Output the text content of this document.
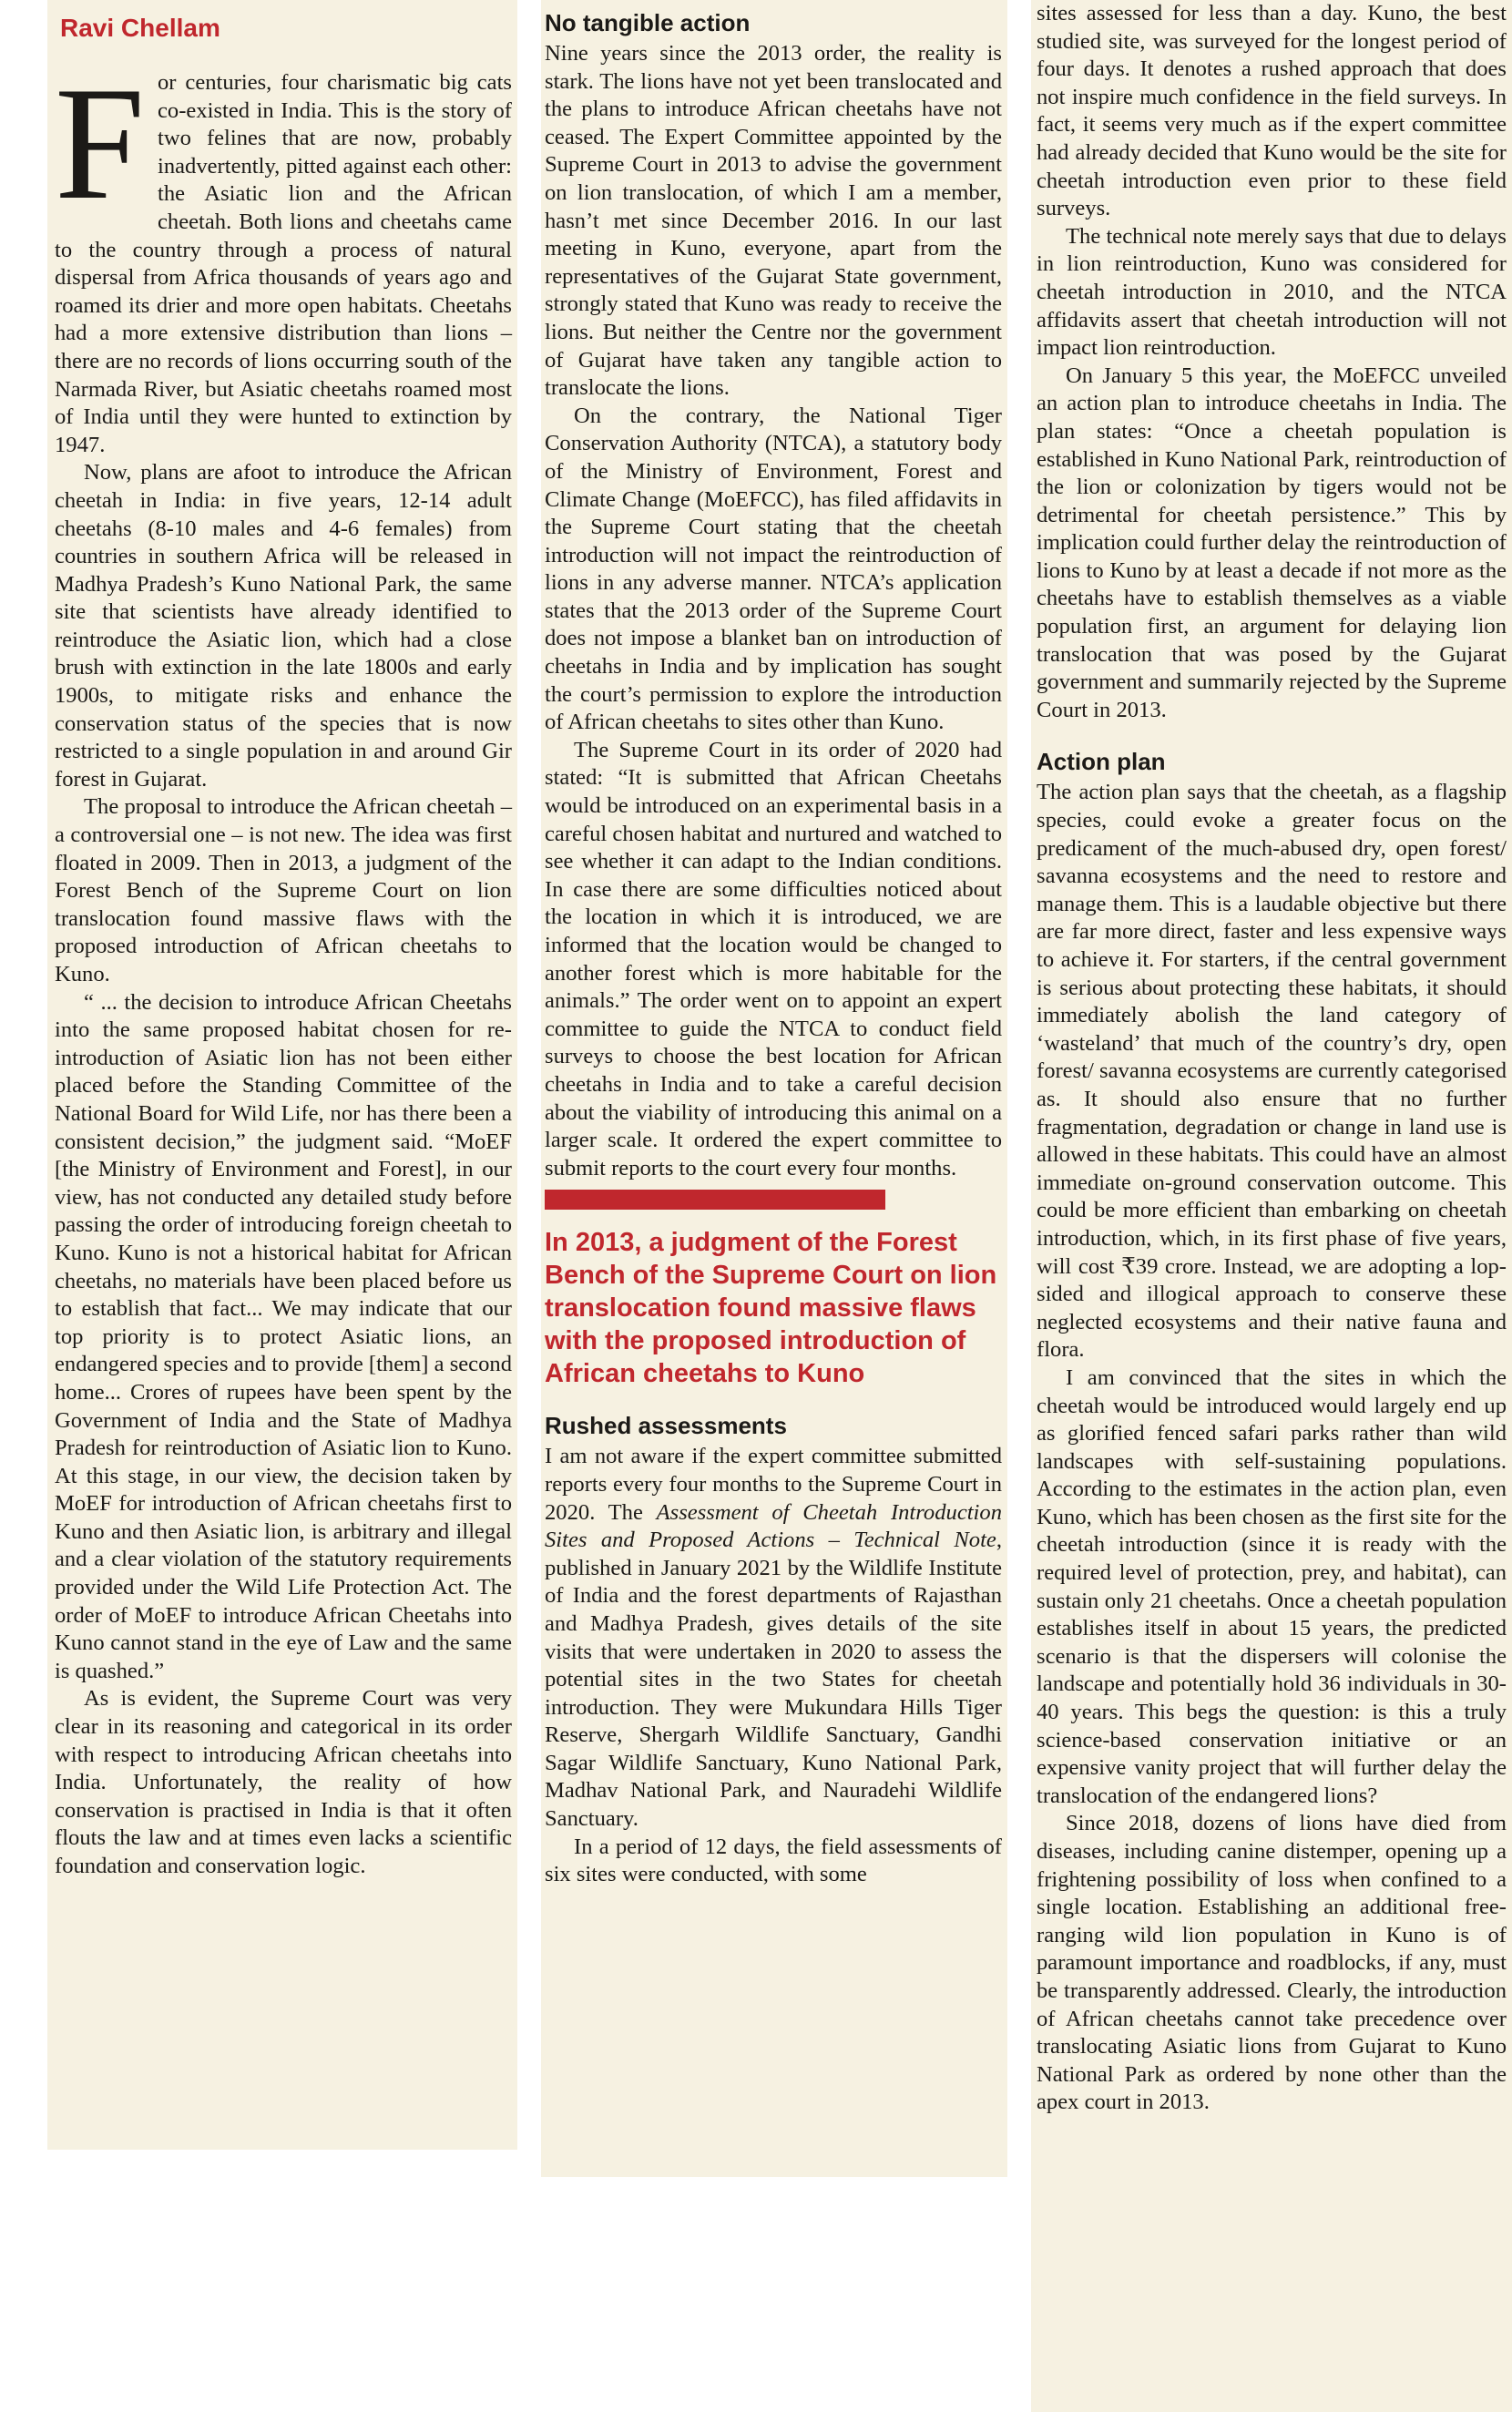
Ravi Chellam
F or centuries, four charismatic big cats co-existed in India. This is the story of two felines that are now, probably inadvertently, pitted against each other: the Asiatic lion and the African cheetah. Both lions and cheetahs came to the country through a process of natural dispersal from Africa thousands of years ago and roamed its drier and more open habitats. Cheetahs had a more extensive distribution than lions – there are no records of lions occurring south of the Narmada River, but Asiatic cheetahs roamed most of India until they were hunted to extinction by 1947.

Now, plans are afoot to introduce the African cheetah in India: in five years, 12-14 adult cheetahs (8-10 males and 4-6 females) from countries in southern Africa will be released in Madhya Pradesh’s Kuno National Park, the same site that scientists have already identified to reintroduce the Asiatic lion, which had a close brush with extinction in the late 1800s and early 1900s, to mitigate risks and enhance the conservation status of the species that is now restricted to a single population in and around Gir forest in Gujarat.

The proposal to introduce the African cheetah – a controversial one – is not new. The idea was first floated in 2009. Then in 2013, a judgment of the Forest Bench of the Supreme Court on lion translocation found massive flaws with the proposed introduction of African cheetahs to Kuno.

“ ... the decision to introduce African Cheetahs into the same proposed habitat chosen for re-introduction of Asiatic lion has not been either placed before the Standing Committee of the National Board for Wild Life, nor has there been a consistent decision,” the judgment said. “MoEF [the Ministry of Environment and Forest], in our view, has not conducted any detailed study before passing the order of introducing foreign cheetah to Kuno. Kuno is not a historical habitat for African cheetahs, no materials have been placed before us to establish that fact... We may indicate that our top priority is to protect Asiatic lions, an endangered species and to provide [them] a second home... Crores of rupees have been spent by the Government of India and the State of Madhya Pradesh for reintroduction of Asiatic lion to Kuno. At this stage, in our view, the decision taken by MoEF for introduction of African cheetahs first to Kuno and then Asiatic lion, is arbitrary and illegal and a clear violation of the statutory requirements provided under the Wild Life Protection Act. The order of MoEF to introduce African Cheetahs into Kuno cannot stand in the eye of Law and the same is quashed.”

As is evident, the Supreme Court was very clear in its reasoning and categorical in its order with respect to introducing African cheetahs into India. Unfortunately, the reality of how conservation is practised in India is that it often flouts the law and at times even lacks a scientific foundation and conservation logic.

No tangible action

Nine years since the 2013 order, the reality is stark. The lions have not yet been translocated and the plans to introduce African cheetahs have not ceased. The Expert Committee appointed by the Supreme Court in 2013 to advise the government on lion translocation, of which I am a member, hasn’t met since December 2016. In our last meeting in Kuno, everyone, apart from the representatives of the Gujarat State government, strongly stated that Kuno was ready to receive the lions. But neither the Centre nor the government of Gujarat have taken any tangible action to translocate the lions.

On the contrary, the National Tiger Conservation Authority (NTCA), a statutory body of the Ministry of Environment, Forest and Climate Change (MoEFCC), has filed affidavits in the Supreme Court stating that the cheetah introduction will not impact the reintroduction of lions in any adverse manner. NTCA’s application states that the 2013 order of the Supreme Court does not impose a blanket ban on introduction of cheetahs in India and by implication has sought the court’s permission to explore the introduction of African cheetahs to sites other than Kuno.

The Supreme Court in its order of 2020 had stated: “It is submitted that African Cheetahs would be introduced on an experimental basis in a careful chosen habitat and nurtured and watched to see whether it can adapt to the Indian conditions. In case there are some difficulties noticed about the location in which it is introduced, we are informed that the location would be changed to another forest which is more habitable for the animals.” The order went on to appoint an expert committee to guide the NTCA to conduct field surveys to choose the best location for African cheetahs in India and to take a careful decision about the viability of introducing this animal on a larger scale. It ordered the expert committee to submit reports to the court every four months.

In 2013, a judgment of the Forest Bench of the Supreme Court on lion translocation found massive flaws with the proposed introduction of African cheetahs to Kuno
Rushed assessments

I am not aware if the expert committee submitted reports every four months to the Supreme Court in 2020. The Assessment of Cheetah Introduction Sites and Proposed Actions – Technical Note, published in January 2021 by the Wildlife Institute of India and the forest departments of Rajasthan and Madhya Pradesh, gives details of the site visits that were undertaken in 2020 to assess the potential sites in the two States for cheetah introduction. They were Mukundara Hills Tiger Reserve, Shergarh Wildlife Sanctuary, Gandhi Sagar Wildlife Sanctuary, Kuno National Park, Madhav National Park, and Nauradehi Wildlife Sanctuary.

In a period of 12 days, the field assessments of six sites were conducted, with some

sites assessed for less than a day. Kuno, the best studied site, was surveyed for the longest period of four days. It denotes a rushed approach that does not inspire much confidence in the field surveys. In fact, it seems very much as if the expert committee had already decided that Kuno would be the site for cheetah introduction even prior to these field surveys.

The technical note merely says that due to delays in lion reintroduction, Kuno was considered for cheetah introduction in 2010, and the NTCA affidavits assert that cheetah introduction will not impact lion reintroduction.

On January 5 this year, the MoEFCC unveiled an action plan to introduce cheetahs in India. The plan states: “Once a cheetah population is established in Kuno National Park, reintroduction of the lion or colonization by tigers would not be detrimental for cheetah persistence.” This by implication could further delay the reintroduction of lions to Kuno by at least a decade if not more as the cheetahs have to establish themselves as a viable population first, an argument for delaying lion translocation that was posed by the Gujarat government and summarily rejected by the Supreme Court in 2013.

Action plan

The action plan says that the cheetah, as a flagship species, could evoke a greater focus on the predicament of the much-abused dry, open forest/ savanna ecosystems and the need to restore and manage them. This is a laudable objective but there are far more direct, faster and less expensive ways to achieve it. For starters, if the central government is serious about protecting these habitats, it should immediately abolish the land category of ‘wasteland’ that much of the country’s dry, open forest/ savanna ecosystems are currently categorised as. It should also ensure that no further fragmentation, degradation or change in land use is allowed in these habitats. This could have an almost immediate on-ground conservation outcome. This could be more efficient than embarking on cheetah introduction, which, in its first phase of five years, will cost ₹39 crore. Instead, we are adopting a lop-sided and illogical approach to conserve these neglected ecosystems and their native fauna and flora.

I am convinced that the sites in which the cheetah would be introduced would largely end up as glorified fenced safari parks rather than wild landscapes with self-sustaining populations. According to the estimates in the action plan, even Kuno, which has been chosen as the first site for the cheetah introduction (since it is ready with the required level of protection, prey, and habitat), can sustain only 21 cheetahs. Once a cheetah population establishes itself in about 15 years, the predicted scenario is that the dispersers will colonise the landscape and potentially hold 36 individuals in 30-40 years. This begs the question: is this a truly science-based conservation initiative or an expensive vanity project that will further delay the translocation of the endangered lions?

Since 2018, dozens of lions have died from diseases, including canine distemper, opening up a frightening possibility of loss when confined to a single location. Establishing an additional free-ranging wild lion population in Kuno is of paramount importance and roadblocks, if any, must be transparently addressed. Clearly, the introduction of African cheetahs cannot take precedence over translocating Asiatic lions from Gujarat to Kuno National Park as ordered by none other than the apex court in 2013.
